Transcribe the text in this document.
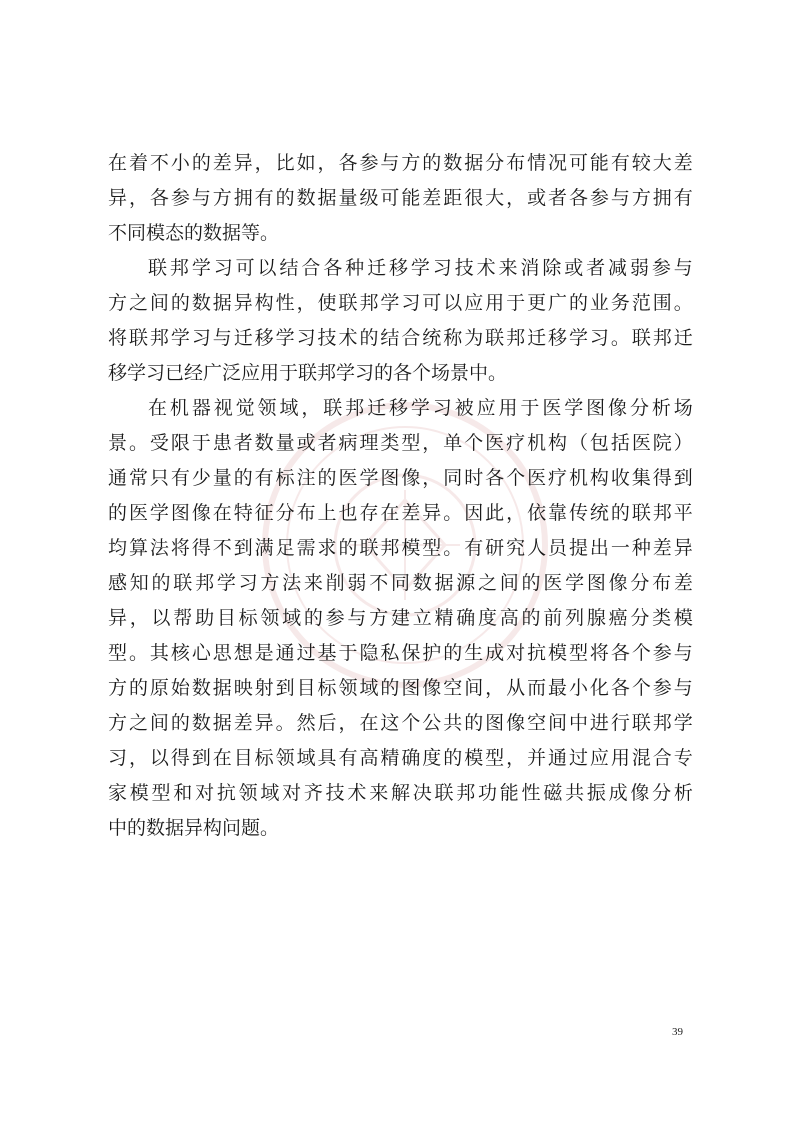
在 着 不 小 的 差 异 ， 比 如 ， 各 参 与 方 的 数 据 分 布 情 况 可 能 有 较 大 差
异 ， 各 参 与 方 拥 有 的 数 据 量 级 可 能 差 距 很 大 ， 或 者 各 参 与 方 拥 有
不同模态的数据等。
联 邦 学 习 可 以 结 合 各 种 迁 移 学 习 技 术 来 消 除 或 者 减 弱 参 与
方 之 间 的 数 据 异 构 性 ， 使 联 邦 学 习 可 以 应 用 于 更 广 的 业 务 范 围 。
将 联 邦 学 习 与 迁 移 学 习 技 术 的 结 合 统 称 为 联 邦 迁 移 学 习 。 联 邦 迁
移学习已经广泛应用于联邦学习的各个场景中。
在 机 器 视 觉 领 域 ， 联 邦 迁 移 学 习 被 应 用 于 医 学 图 像 分 析 场
景 。 受 限 于 患 者 数 量 或 者 病 理 类 型 ， 单 个 医 疗 机 构 （ 包 括 医 院 ）
通 常 只 有 少 量 的 有 标 注 的 医 学 图 像 ， 同 时 各 个 医 疗 机 构 收 集 得 到
的 医 学 图 像 在 特 征 分 布 上 也 存 在 差 异 。 因 此 ， 依 靠 传 统 的 联 邦 平
均 算 法 将 得 不 到 满 足 需 求 的 联 邦 模 型 。 有 研 究 人 员 提 出 一 种 差 异
感 知 的 联 邦 学 习 方 法 来 削 弱 不 同 数 据 源 之 间 的 医 学 图 像 分 布 差
异 ， 以 帮 助 目 标 领 域 的 参 与 方 建 立 精 确 度 高 的 前 列 腺 癌 分 类 模
型 。 其 核 心 思 想 是 通 过 基 于 隐 私 保 护 的 生 成 对 抗 模 型 将 各 个 参 与
方 的 原 始 数 据 映 射 到 目 标 领 域 的 图 像 空 间 ， 从 而 最 小 化 各 个 参 与
方 之 间 的 数 据 差 异 。 然 后 ， 在 这 个 公 共 的 图 像 空 间 中 进 行 联 邦 学
习 ， 以 得 到 在 目 标 领 域 具 有 高 精 确 度 的 模 型 ， 并 通 过 应 用 混 合 专
家 模 型 和 对 抗 领 域 对 齐 技 术 来 解 决 联 邦 功 能 性 磁 共 振 成 像 分 析
中的数据异构问题。
39
